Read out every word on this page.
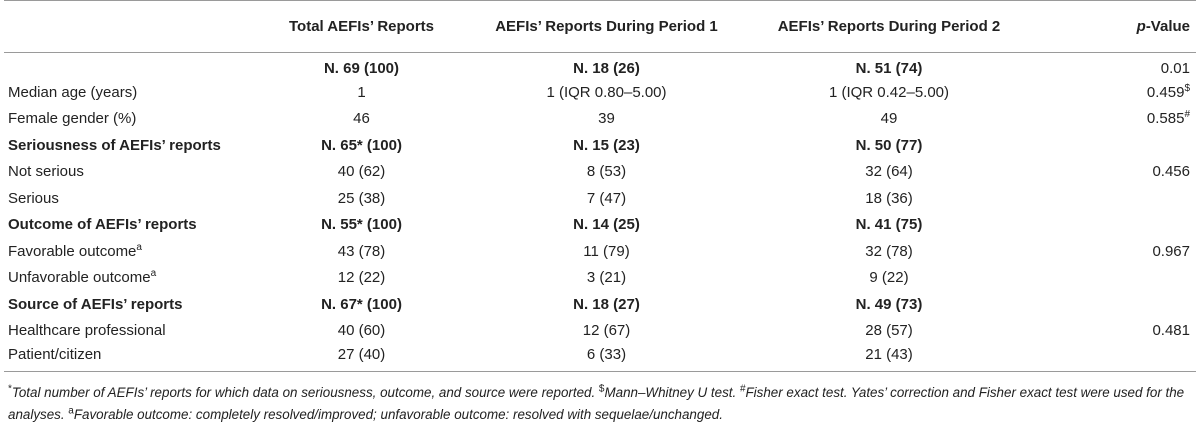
	Total AEFIs’ Reports	AEFIs’ Reports During Period 1	AEFIs’ Reports During Period 2	p-Value
	N. 69 (100)	N. 18 (26)	N. 51 (74)	0.01
Median age (years)	1	1 (IQR 0.80–5.00)	1 (IQR 0.42–5.00)	0.459$
Female gender (%)	46	39	49	0.585#
Seriousness of AEFIs’ reports	N. 65* (100)	N. 15 (23)	N. 50 (77)	
Not serious	40 (62)	8 (53)	32 (64)	0.456
Serious	25 (38)	7 (47)	18 (36)	
Outcome of AEFIs’ reports	N. 55* (100)	N. 14 (25)	N. 41 (75)	
Favorable outcome$^a$	43 (78)	11 (79)	32 (78)	0.967
Unfavorable outcome$^a$	12 (22)	3 (21)	9 (22)	
Source of AEFIs’ reports	N. 67* (100)	N. 18 (27)	N. 49 (73)	
Healthcare professional	40 (60)	12 (67)	28 (57)	0.481
Patient/citizen	27 (40)	6 (33)	21 (43)	
*Total number of AEFIs’ reports for which data on seriousness, outcome, and source were reported. $Mann–Whitney U test. #Fisher exact test. Yates’ correction and Fisher exact test were used for the analyses. $^a$Favorable outcome: completely resolved/improved; unfavorable outcome: resolved with sequelae/unchanged.
